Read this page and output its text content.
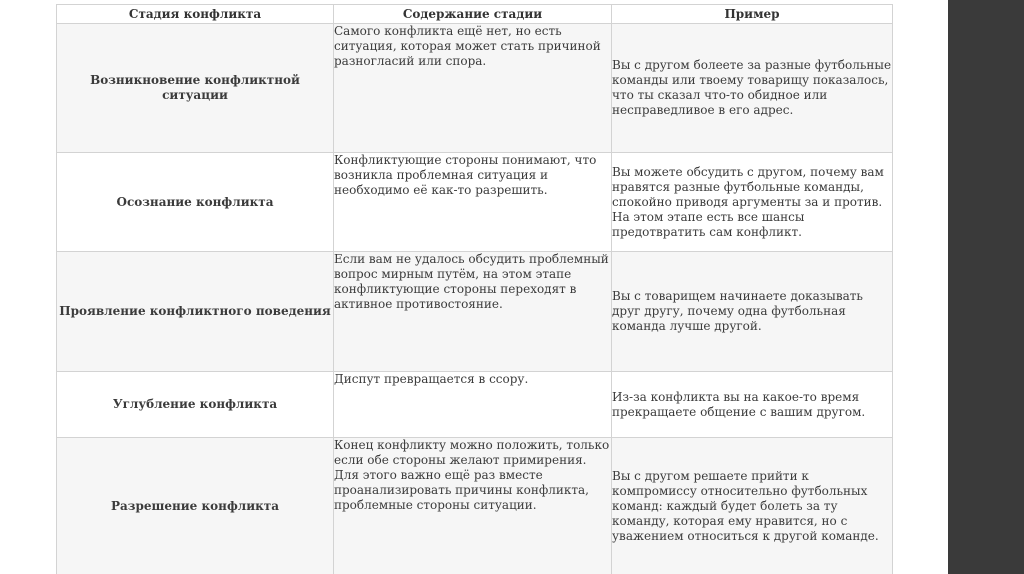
Стадия конфликта	Содержание стадии	Пример
Возникновение конфликтной ситуации	Самого конфликта ещё нет, но есть ситуация, которая может стать причиной разногласий или спора.	Вы с другом болеете за разные футбольные команды или твоему товарищу показалось, что ты сказал что-то обидное или несправедливое в его адрес.
Осознание конфликта	Конфликтующие стороны понимают, что возникла проблемная ситуация и необходимо её как-то разрешить.	Вы можете обсудить с другом, почему вам нравятся разные футбольные команды, спокойно приводя аргументы за и против. На этом этапе есть все шансы предотвратить сам конфликт.
Проявление конфликтного поведения	Если вам не удалось обсудить проблемный вопрос мирным путём, на этом этапе конфликтующие стороны переходят в активное противостояние.	Вы с товарищем начинаете доказывать друг другу, почему одна футбольная команда лучше другой.
Углубление конфликта	Диспут превращается в ссору.	Из-за конфликта вы на какое-то время прекращаете общение с вашим другом.
Разрешение конфликта	Конец конфликту можно положить, только если обе стороны желают примирения. Для этого важно ещё раз вместе проанализировать причины конфликта, проблемные стороны ситуации.	Вы с другом решаете прийти к компромиссу относительно футбольных команд: каждый будет болеть за ту команду, которая ему нравится, но с уважением относиться к другой команде.
